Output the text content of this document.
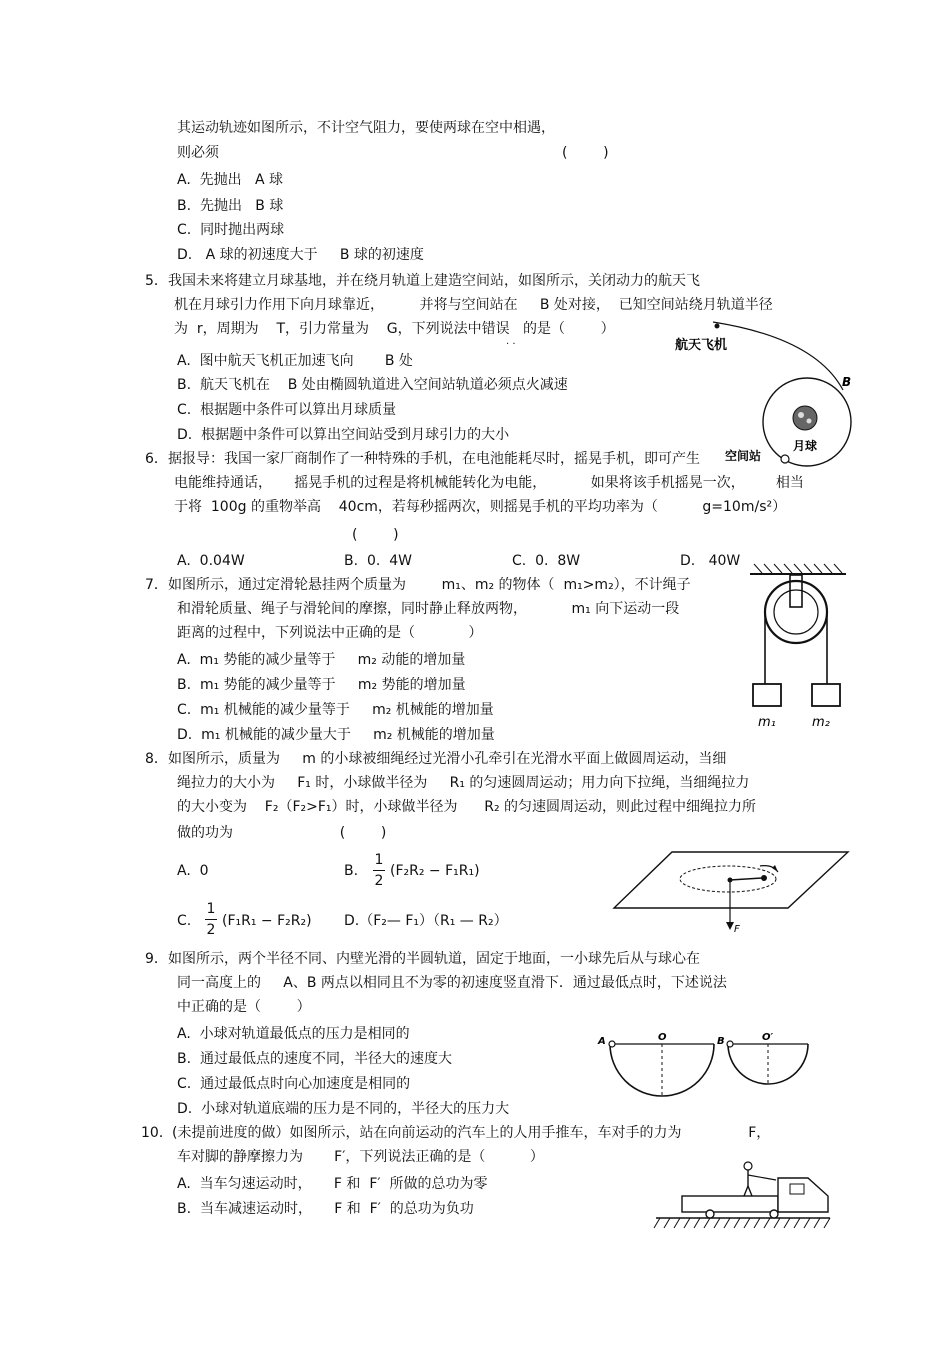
其运动轨迹如图所示，不计空气阻力，要使两球在空中相遇，
则必须	(        )
A.  先抛出   A 球
B.  先抛出   B 球
C.  同时抛出两球
D.   A 球的初速度大于     B 球的初速度
5． 我国未来将建立月球基地，并在绕月轨道上建造空间站，如图所示，关闭动力的航天飞
机在月球引力作用下向月球靠近，        并将与空间站在     B 处对接，  已知空间站绕月轨道半径
为  r，周期为    T，引力常量为    G，下列说法中错误   的是（        ）
. .
A.  图中航天飞机正加速飞向       B 处
B.  航天飞机在    B 处由椭圆轨道进入空间站轨道必须点火减速
C.  根据题中条件可以算出月球质量
D.  根据题中条件可以算出空间站受到月球引力的大小
航天飞机
B
月球
空间站
6． 据报导：我国一家厂商制作了一种特殊的手机，在电池能耗尽时，摇晃手机，即可产生
电能维持通话，     摇晃手机的过程是将机械能转化为电能，          如果将该手机摇晃一次，       相当
于将  100g 的重物举高    40cm，若每秒摇两次，则摇晃手机的平均功率为（          g=10m/s²）
(        )
A.  0.04W	B.  0.  4W	C.  0.  8W	D.   40W
7． 如图所示，通过定滑轮悬挂两个质量为        m₁、m₂ 的物体（  m₁>m₂），不计绳子
和滑轮质量、绳子与滑轮间的摩擦，同时静止释放两物，          m₁ 向下运动一段
距离的过程中，下列说法中正确的是（            ）
A.  m₁ 势能的减少量等于     m₂ 动能的增加量
B.  m₁ 势能的减少量等于     m₂ 势能的增加量
C.  m₁ 机械能的减少量等于     m₂ 机械能的增加量
D.  m₁ 机械能的减少量大于     m₂ 机械能的增加量
m₁	m₂
8． 如图所示，质量为     m 的小球被细绳经过光滑小孔牵引在光滑水平面上做圆周运动，当细
绳拉力的大小为     F₁ 时，小球做半径为     R₁ 的匀速圆周运动；用力向下拉绳，当细绳拉力
的大小变为    F₂（F₂>F₁）时，小球做半径为      R₂ 的匀速圆周运动，则此过程中细绳拉力所
做的功为                        (        )
A.  0	B.
1
2
(F₂R₂ − F₁R₁)
C.
1
2
(F₁R₁ − F₂R₂) D.（F₂— F₁）（R₁ — R₂）
F
9． 如图所示，两个半径不同、内壁光滑的半圆轨道，固定于地面，一小球先后从与球心在
同一高度上的     A、B 两点以相同且不为零的初速度竖直滑下．通过最低点时，下述说法
中正确的是（        ）
A.  小球对轨道最低点的压力是相同的
B.  通过最低点的速度不同，半径大的速度大
C.  通过最低点时向心加速度是相同的
D.  小球对轨道底端的压力是不同的，半径大的压力大
A	O	B	O′
10． (未提前进度的做）如图所示，站在向前运动的汽车上的人用手推车，车对手的力为               F，
车对脚的静摩擦力为       F′，下列说法正确的是（          ）
A.  当车匀速运动时，     F 和  F′  所做的总功为零
B.  当车减速运动时，     F 和  F′  的总功为负功
